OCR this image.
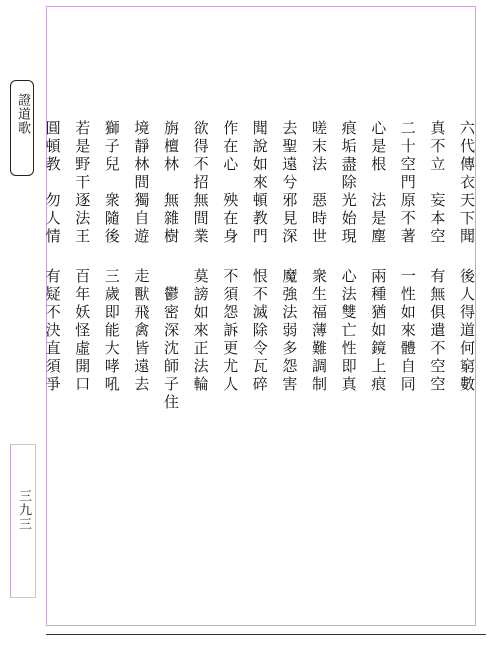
證道歌
三九三
六代傳衣天下聞後人得道何窮數
真不立　妄本空有無俱遣不空空
二十空門原不著一性如來體自同
心是根　法是塵兩種猶如鏡上痕
痕垢盡除光始現心法雙亡性即真
嗟末法　惡時世衆生福薄難調制
去聖遠兮邪見深魔強法弱多怨害
聞說如來頓教門恨不滅除令瓦碎
作在心　殃在身不須怨訴更尤人
欲得不招無間業莫謗如來正法輪
旃檀林　無雜樹　鬱密深沈師子住
境靜林間獨自遊走獸飛禽皆遠去
獅子兒　衆隨後三歲即能大哮吼
若是野干逐法王百年妖怪虛開口
圓頓教　勿人情有疑不決直須爭
